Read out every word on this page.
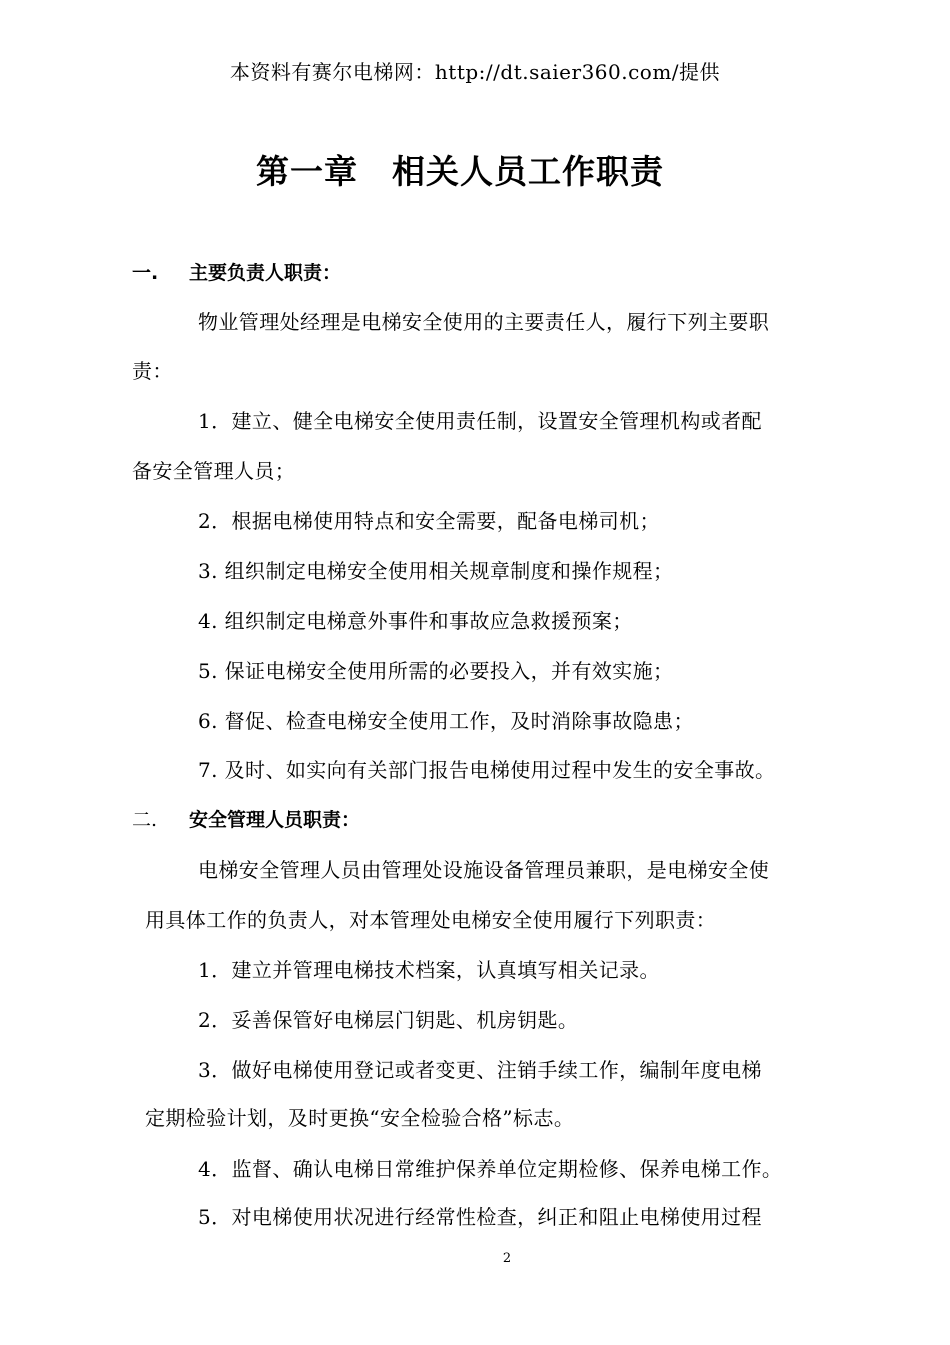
本资料有赛尔电梯网：http://dt.saier360.com/提供
第一章　相关人员工作职责
一. 主要负责人职责：
物业管理处经理是电梯安全使用的主要责任人，履行下列主要职
责：
1．建立、健全电梯安全使用责任制，设置安全管理机构或者配
备安全管理人员；
2．根据电梯使用特点和安全需要，配备电梯司机；
3. 组织制定电梯安全使用相关规章制度和操作规程；
4. 组织制定电梯意外事件和事故应急救援预案；
5. 保证电梯安全使用所需的必要投入，并有效实施；
6. 督促、检查电梯安全使用工作，及时消除事故隐患；
7. 及时、如实向有关部门报告电梯使用过程中发生的安全事故。
二. 安全管理人员职责：
电梯安全管理人员由管理处设施设备管理员兼职，是电梯安全使
用具体工作的负责人，对本管理处电梯安全使用履行下列职责：
1．建立并管理电梯技术档案，认真填写相关记录。
2．妥善保管好电梯层门钥匙、机房钥匙。
3．做好电梯使用登记或者变更、注销手续工作，编制年度电梯
定期检验计划，及时更换“安全检验合格”标志。
4．监督、确认电梯日常维护保养单位定期检修、保养电梯工作。
5．对电梯使用状况进行经常性检查，纠正和阻止电梯使用过程
2
